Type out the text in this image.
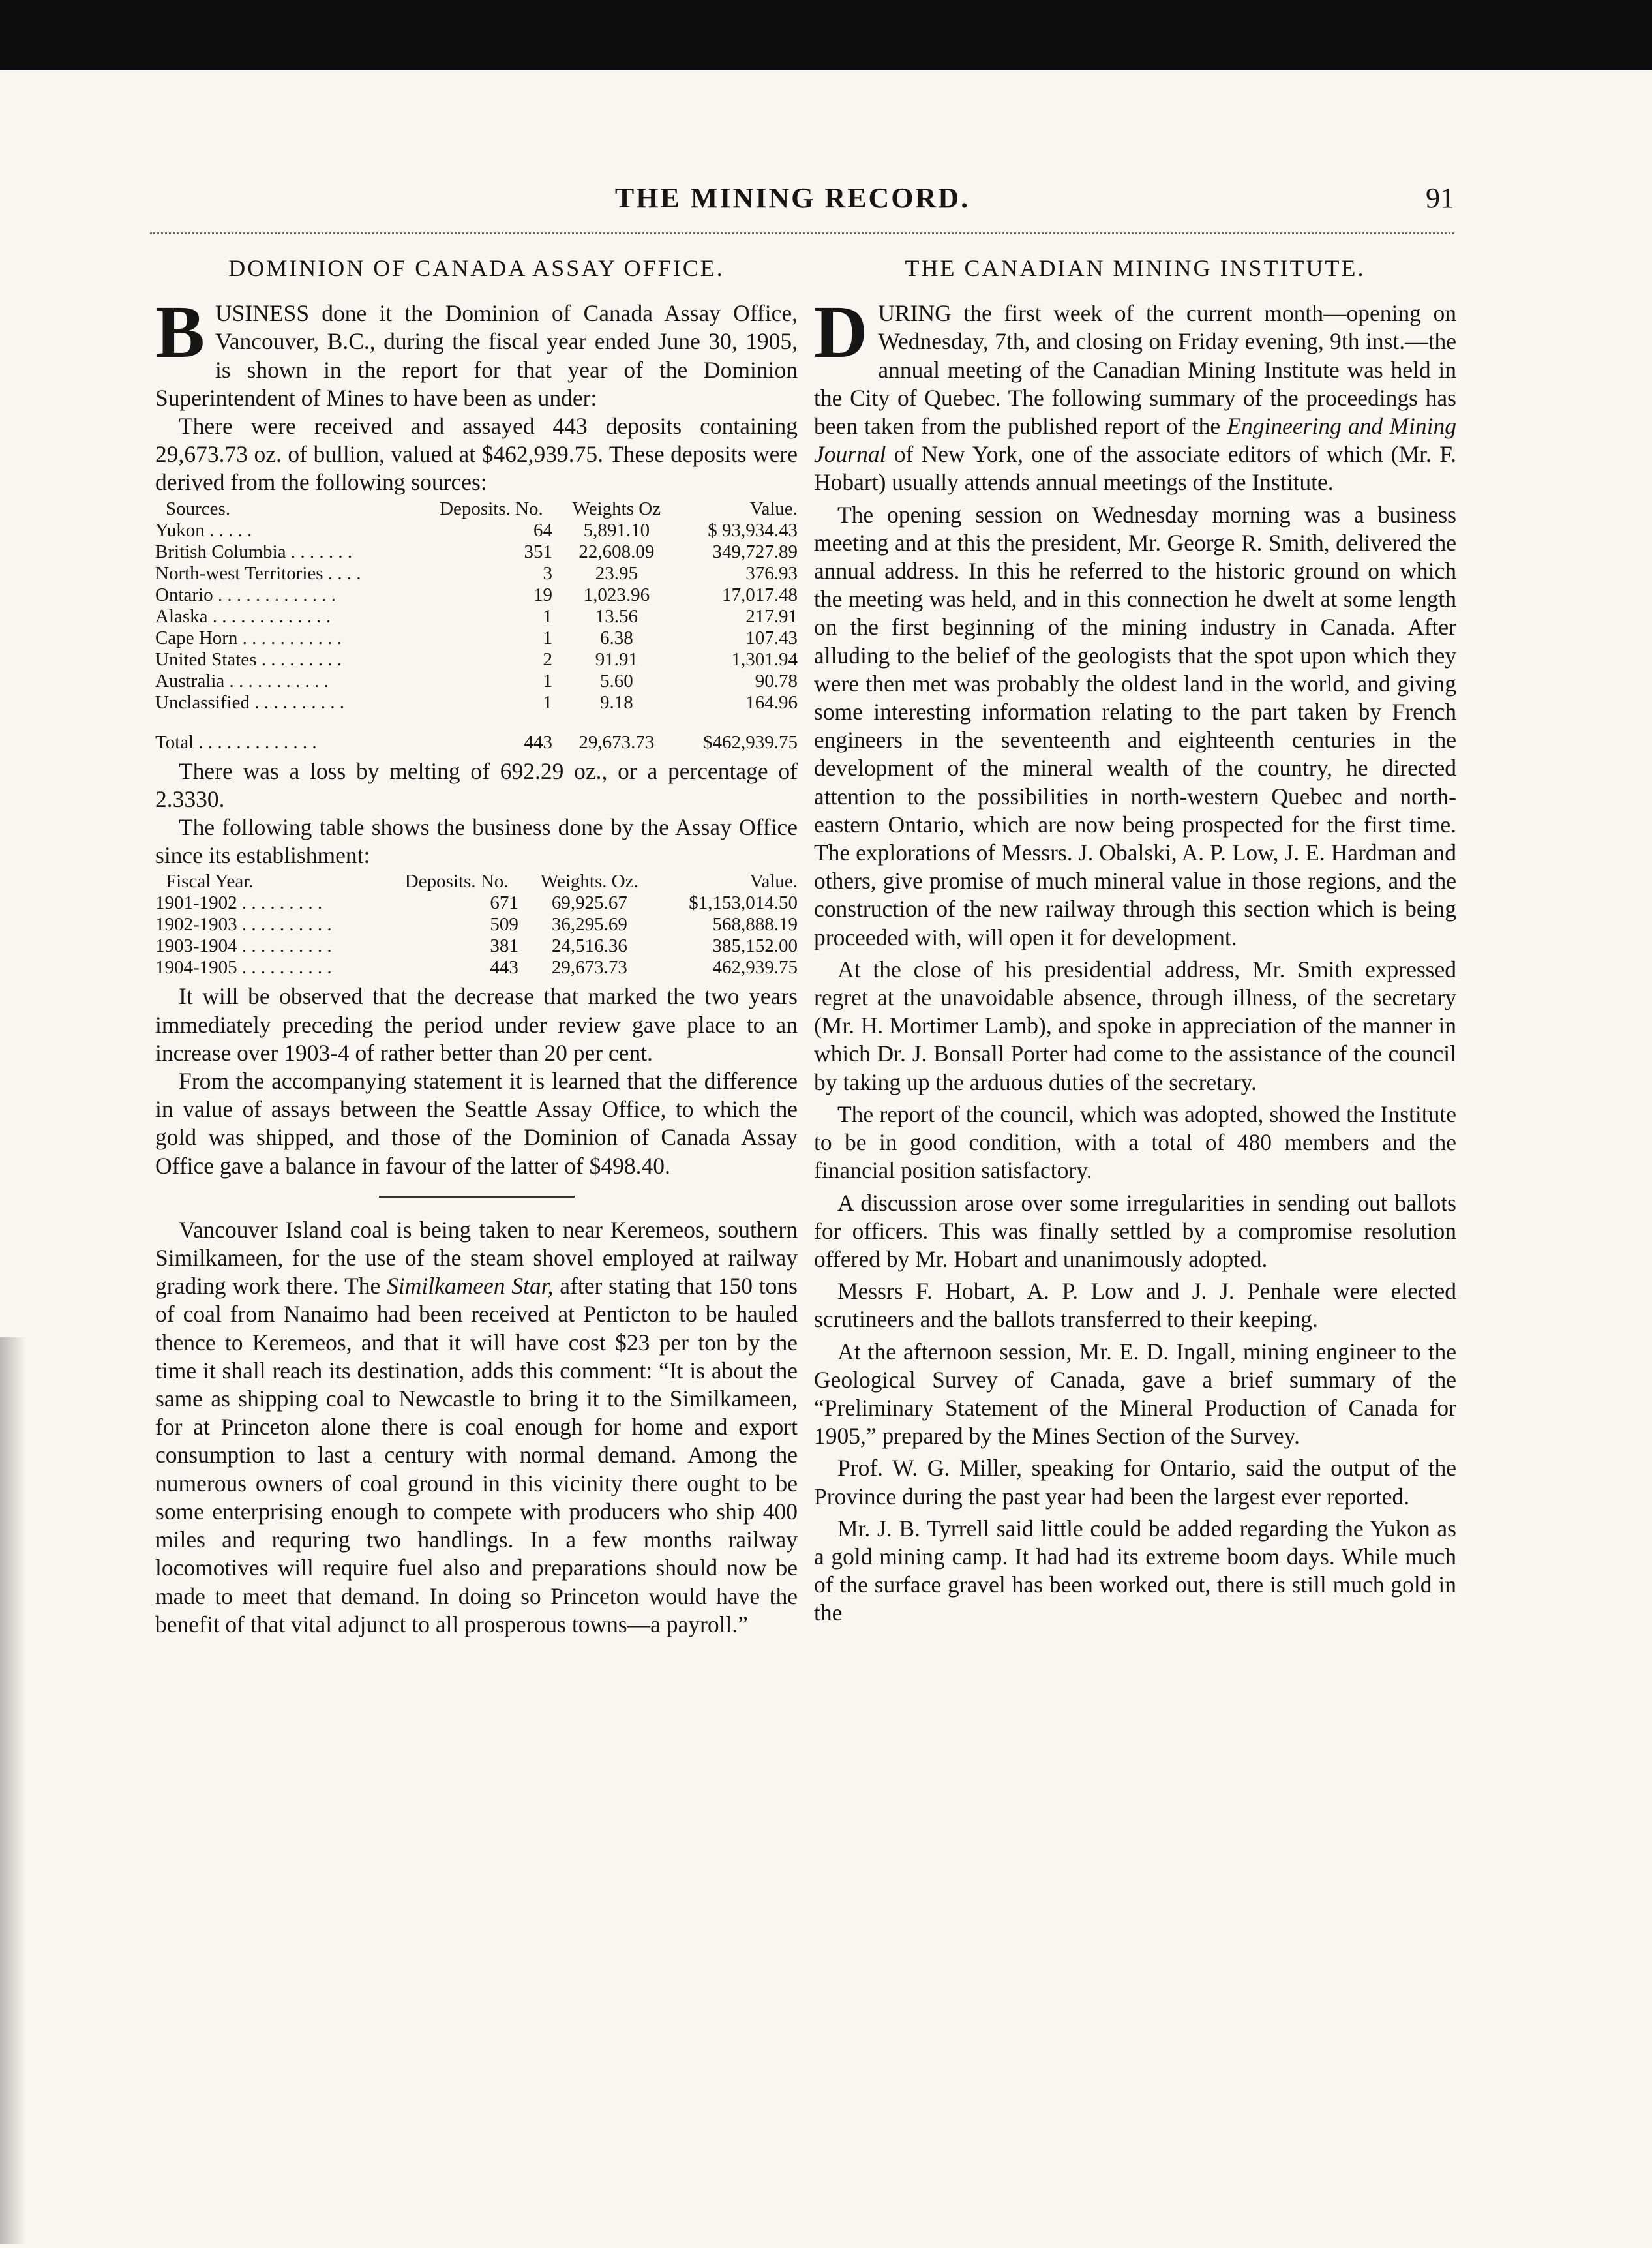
THE MINING RECORD.	91
DOMINION OF CANADA ASSAY OFFICE.
B USINESS done it the Dominion of Canada Assay Office, Vancouver, B.C., during the fiscal year ended June 30, 1905, is shown in the report for that year of the Dominion Superintendent of Mines to have been as under:

There were received and assayed 443 deposits containing 29,673.73 oz. of bullion, valued at $462,939.75. These deposits were derived from the following sources:

Sources.	Deposits. No.	Weights Oz	Value.
Yukon . . . . .	64	5,891.10	$ 93,934.43
British Columbia . . . . . . .	351	22,608.09	349,727.89
North-west Territories . . . .	3	23.95	376.93
Ontario . . . . . . . . . . . . .	19	1,023.96	17,017.48
Alaska . . . . . . . . . . . . .	1	13.56	217.91
Cape Horn . . . . . . . . . . .	1	6.38	107.43
United States . . . . . . . . .	2	91.91	1,301.94
Australia . . . . . . . . . . .	1	5.60	90.78
Unclassified . . . . . . . . . .	1	9.18	164.96
Total . . . . . . . . . . . . .	443	29,673.73	$462,939.75

There was a loss by melting of 692.29 oz., or a percentage of 2.3330.

The following table shows the business done by the Assay Office since its establishment:

Fiscal Year.	Deposits. No.	Weights. Oz.	Value.
1901-1902 . . . . . . . . .	671	69,925.67	$1,153,014.50
1902-1903 . . . . . . . . . .	509	36,295.69	568,888.19
1903-1904 . . . . . . . . . .	381	24,516.36	385,152.00
1904-1905 . . . . . . . . . .	443	29,673.73	462,939.75

It will be observed that the decrease that marked the two years immediately preceding the period under review gave place to an increase over 1903-4 of rather better than 20 per cent.

From the accompanying statement it is learned that the difference in value of assays between the Seattle Assay Office, to which the gold was shipped, and those of the Dominion of Canada Assay Office gave a balance in favour of the latter of $498.40.

Vancouver Island coal is being taken to near Keremeos, southern Similkameen, for the use of the steam shovel employed at railway grading work there. The Similkameen Star, after stating that 150 tons of coal from Nanaimo had been received at Penticton to be hauled thence to Keremeos, and that it will have cost $23 per ton by the time it shall reach its destination, adds this comment: “It is about the same as shipping coal to Newcastle to bring it to the Similkameen, for at Princeton alone there is coal enough for home and export consumption to last a century with normal demand. Among the numerous owners of coal ground in this vicinity there ought to be some enterprising enough to compete with producers who ship 400 miles and requring two handlings. In a few months railway locomotives will require fuel also and preparations should now be made to meet that demand. In doing so Princeton would have the benefit of that vital adjunct to all prosperous towns—a payroll.”

THE CANADIAN MINING INSTITUTE.
D URING the first week of the current month—opening on Wednesday, 7th, and closing on Friday evening, 9th inst.—the annual meeting of the Canadian Mining Institute was held in the City of Quebec. The following summary of the proceedings has been taken from the published report of the Engineering and Mining Journal of New York, one of the associate editors of which (Mr. F. Hobart) usually attends annual meetings of the Institute.

The opening session on Wednesday morning was a business meeting and at this the president, Mr. George R. Smith, delivered the annual address. In this he referred to the historic ground on which the meeting was held, and in this connection he dwelt at some length on the first beginning of the mining industry in Canada. After alluding to the belief of the geologists that the spot upon which they were then met was probably the oldest land in the world, and giving some interesting information relating to the part taken by French engineers in the seventeenth and eighteenth centuries in the development of the mineral wealth of the country, he directed attention to the possibilities in north-western Quebec and north-eastern Ontario, which are now being prospected for the first time. The explorations of Messrs. J. Obalski, A. P. Low, J. E. Hardman and others, give promise of much mineral value in those regions, and the construction of the new railway through this section which is being proceeded with, will open it for development.

At the close of his presidential address, Mr. Smith expressed regret at the unavoidable absence, through illness, of the secretary (Mr. H. Mortimer Lamb), and spoke in appreciation of the manner in which Dr. J. Bonsall Porter had come to the assistance of the council by taking up the arduous duties of the secretary.

The report of the council, which was adopted, showed the Institute to be in good condition, with a total of 480 members and the financial position satisfactory.

A discussion arose over some irregularities in sending out ballots for officers. This was finally settled by a compromise resolution offered by Mr. Hobart and unanimously adopted.

Messrs F. Hobart, A. P. Low and J. J. Penhale were elected scrutineers and the ballots transferred to their keeping.

At the afternoon session, Mr. E. D. Ingall, mining engineer to the Geological Survey of Canada, gave a brief summary of the “Preliminary Statement of the Mineral Production of Canada for 1905,” prepared by the Mines Section of the Survey.

Prof. W. G. Miller, speaking for Ontario, said the output of the Province during the past year had been the largest ever reported.

Mr. J. B. Tyrrell said little could be added regarding the Yukon as a gold mining camp. It had had its extreme boom days. While much of the surface gravel has been worked out, there is still much gold in the
